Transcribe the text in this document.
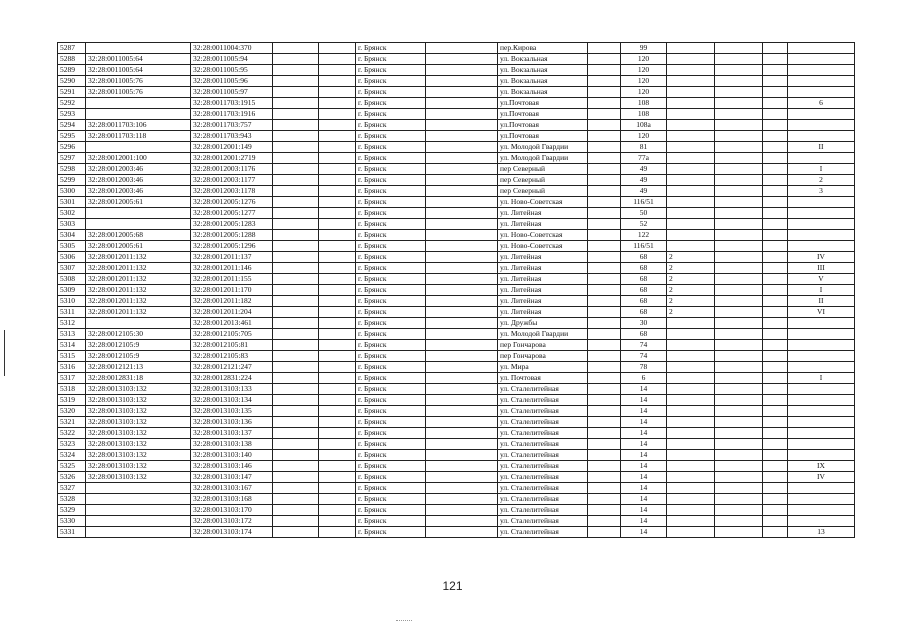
5287		32:28:0011004:370			г. Брянск		пер.Кирова		99				
5288	32:28:0011005:64	32:28:0011005:94			г. Брянск		ул. Вокзальная		120				
5289	32:28:0011005:64	32:28:0011005:95			г. Брянск		ул. Вокзальная		120				
5290	32:28:0011005:76	32:28:0011005:96			г. Брянск		ул. Вокзальная		120				
5291	32:28:0011005:76	32:28:0011005:97			г. Брянск		ул. Вокзальная		120				
5292		32:28:0011703:1915			г. Брянск		ул.Почтовая		108				6
5293		32:28:0011703:1916			г. Брянск		ул.Почтовая		108				
5294	32:28:0011703:106	32:28:0011703:757			г. Брянск		ул.Почтовая		108а				
5295	32:28:0011703:118	32:28:0011703:943			г. Брянск		ул.Почтовая		120				
5296		32:28:0012001:149			г. Брянск		ул. Молодой Гвардии		81				II
5297	32:28:0012001:100	32:28:0012001:2719			г. Брянск		ул. Молодой Гвардии		77а				
5298	32:28:0012003:46	32:28:0012003:1176			г. Брянск		пер Северный		49				I
5299	32:28:0012003:46	32:28:0012003:1177			г. Брянск		пер Северный		49				2
5300	32:28:0012003:46	32:28:0012003:1178			г. Брянск		пер Северный		49				3
5301	32:28:0012005:61	32:28:0012005:1276			г. Брянск		ул. Ново-Советская		116/51				
5302		32:28:0012005:1277			г. Брянск		ул. Литейная		50				
5303		32:28:0012005:1283			г. Брянск		ул. Литейная		52				
5304	32:28:0012005:68	32:28:0012005:1288			г. Брянск		ул. Ново-Советская		122				
5305	32:28:0012005:61	32:28:0012005:1296			г. Брянск		ул. Ново-Советская		116/51				
5306	32:28:0012011:132	32:28:0012011:137			г. Брянск		ул. Литейная		68	2			IV
5307	32:28:0012011:132	32:28:0012011:146			г. Брянск		ул. Литейная		68	2			III
5308	32:28:0012011:132	32:28:0012011:155			г. Брянск		ул. Литейная		68	2			V
5309	32:28:0012011:132	32:28:0012011:170			г. Брянск		ул. Литейная		68	2			I
5310	32:28:0012011:132	32:28:0012011:182			г. Брянск		ул. Литейная		68	2			II
5311	32:28:0012011:132	32:28:0012011:204			г. Брянск		ул. Литейная		68	2			VI
5312		32:28:0012013:461			г. Брянск		ул. Дружбы		30				
5313	32:28:0012105:30	32:28:0012105:705			г. Брянск		ул. Молодой Гвардии		68				
5314	32:28:0012105:9	32:28:0012105:81			г. Брянск		пер Гончарова		74				
5315	32:28:0012105:9	32:28:0012105:83			г. Брянск		пер Гончарова		74				
5316	32:28:0012121:13	32:28:0012121:247			г. Брянск		ул. Мира		78				
5317	32:28:0012831:18	32:28:0012831:224			г. Брянск		ул. Почтовая		6				I
5318	32:28:0013103:132	32:28:0013103:133			г. Брянск		ул. Сталелитейная		14				
5319	32:28:0013103:132	32:28:0013103:134			г. Брянск		ул. Сталелитейная		14				
5320	32:28:0013103:132	32:28:0013103:135			г. Брянск		ул. Сталелитейная		14				
5321	32:28:0013103:132	32:28:0013103:136			г. Брянск		ул. Сталелитейная		14				
5322	32:28:0013103:132	32:28:0013103:137			г. Брянск		ул. Сталелитейная		14				
5323	32:28:0013103:132	32:28:0013103:138			г. Брянск		ул. Сталелитейная		14				
5324	32:28:0013103:132	32:28:0013103:140			г. Брянск		ул. Сталелитейная		14				
5325	32:28:0013103:132	32:28:0013103:146			г. Брянск		ул. Сталелитейная		14				IX
5326	32:28:0013103:132	32:28:0013103:147			г. Брянск		ул. Сталелитейная		14				IV
5327		32:28:0013103:167			г. Брянск		ул. Сталелитейная		14				
5328		32:28:0013103:168			г. Брянск		ул. Сталелитейная		14				
5329		32:28:0013103:170			г. Брянск		ул. Сталелитейная		14				
5330		32:28:0013103:172			г. Брянск		ул. Сталелитейная		14				
5331		32:28:0013103:174			г. Брянск		ул. Сталелитейная		14				13
121
